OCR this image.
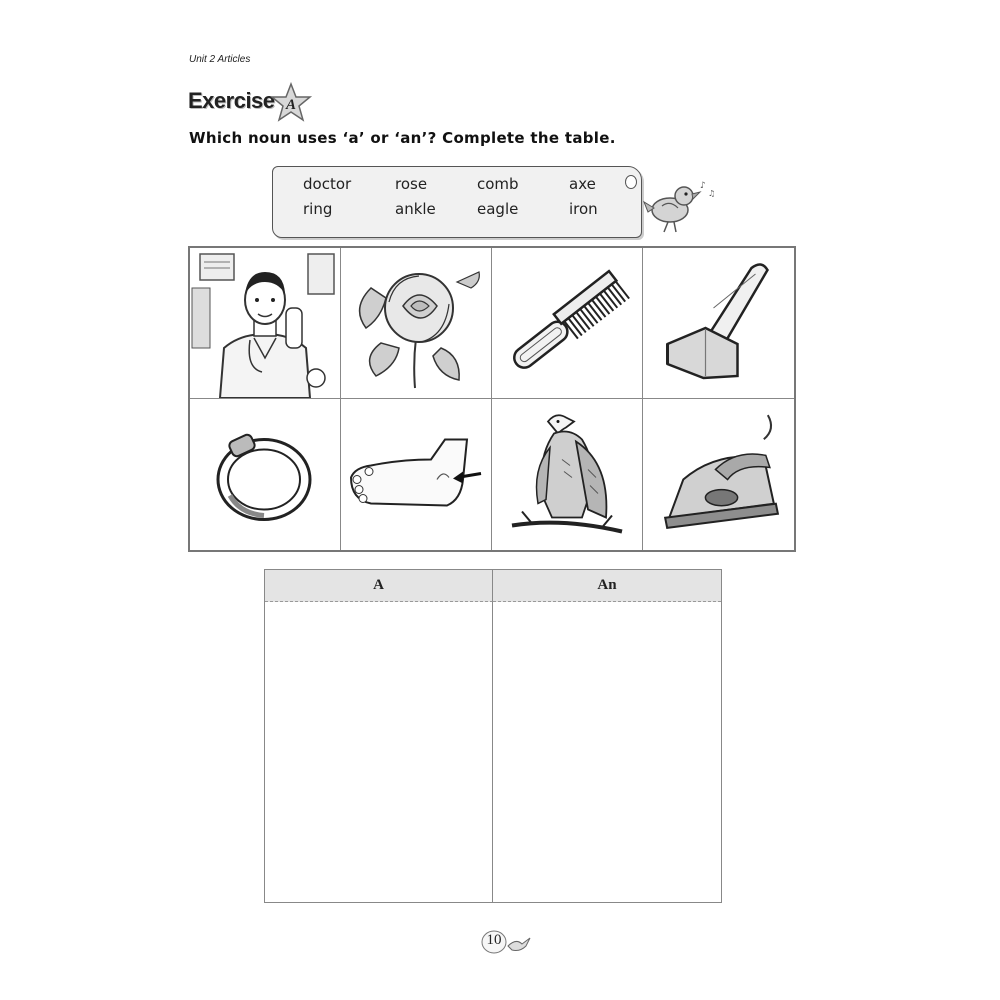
Unit 2 Articles
Exercise A
Which noun uses ‘a’ or ‘an’? Complete the table.
doctor	rose	comb	axe
ring	ankle	eagle	iron
♪
♫
A	An
10
